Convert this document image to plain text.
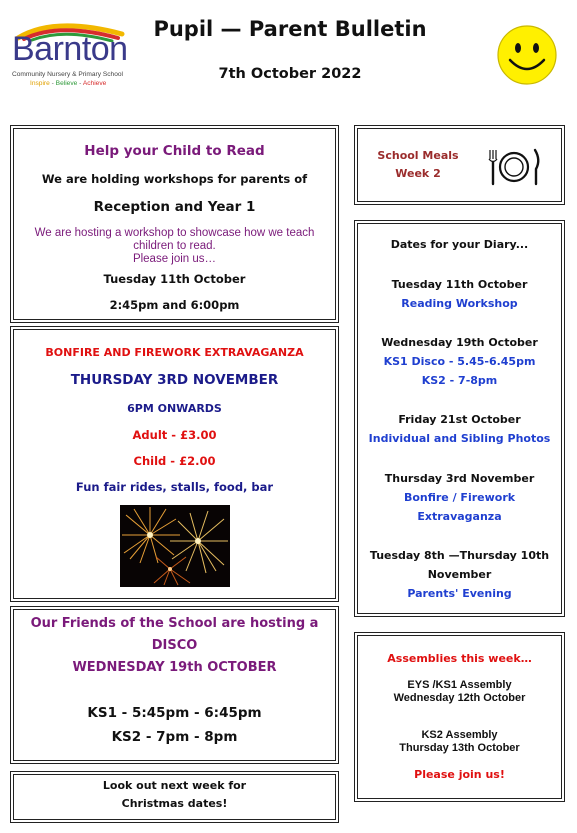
Barnton
Community Nursery & Primary School
Inspire - Believe - Achieve
Pupil — Parent Bulletin
7th October 2022
Help your Child to Read
We are holding workshops for parents of
Reception and Year 1
We are hosting a workshop to showcase how we teach
children to read.
Please join us…
Tuesday 11th October
2:45pm and 6:00pm
BONFIRE AND FIREWORK EXTRAVAGANZA
THURSDAY 3RD NOVEMBER
6PM ONWARDS
Adult - £3.00
Child - £2.00
Fun fair rides, stalls, food, bar
Our Friends of the School are hosting a
DISCO
WEDNESDAY 19th OCTOBER
KS1 - 5:45pm - 6:45pm
KS2 - 7pm - 8pm
Look out next week for
Christmas dates!
School Meals
Week 2
Dates for your Diary...
Tuesday 11th October
Reading Workshop
Wednesday 19th October
KS1 Disco - 5.45-6.45pm
KS2 - 7-8pm
Friday 21st October
Individual and Sibling Photos
Thursday 3rd November
Bonfire / Firework
Extravaganza
Tuesday 8th —Thursday 10th
November
Parents' Evening
Assemblies this week…
EYS /KS1 Assembly
Wednesday 12th October
KS2 Assembly
Thursday 13th October
Please join us!
